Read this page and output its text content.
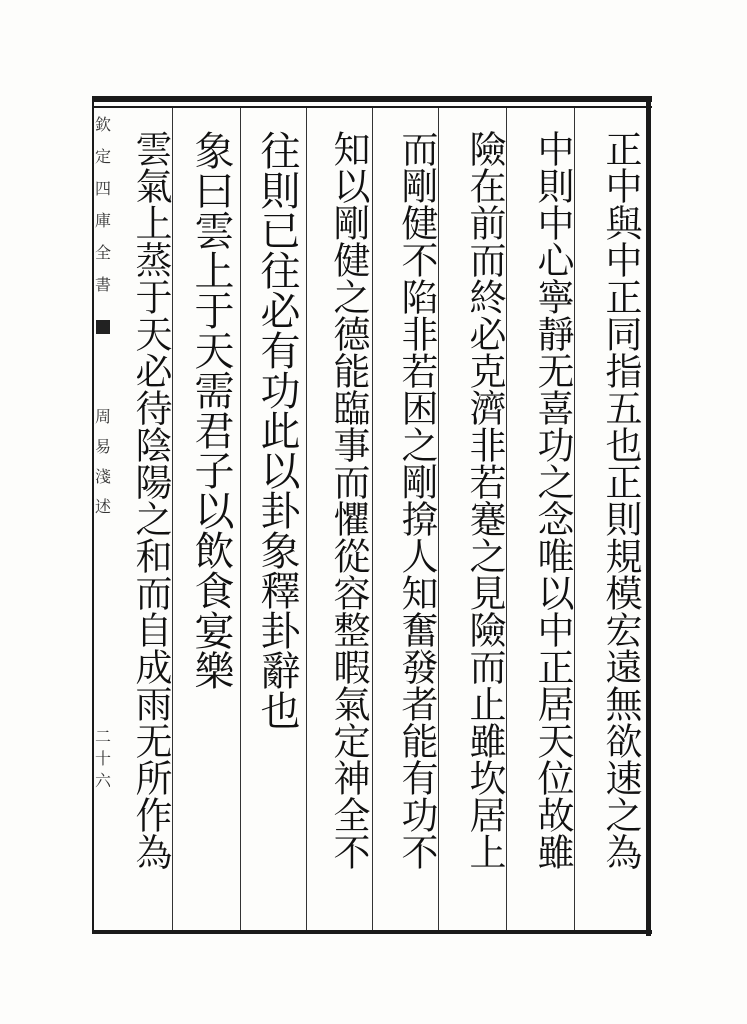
欽
定
四
庫
全
書
周
易
淺
述
二
十
六	正中與中正同指五也正則規模宏遠無欲速之為
中則中心寧靜无喜功之念唯以中正居天位故雖
險在前而終必克濟非若蹇之見險而止雖坎居上
而剛健不陷非若困之剛揜人知奮發者能有功不
知以剛健之德能臨事而懼從容整暇氣定神全不
往則已往必有功此以卦象釋卦辭也
象曰雲上于天需君子以飲食宴樂
雲氣上蒸于天必待陰陽之和而自成雨无所作為
